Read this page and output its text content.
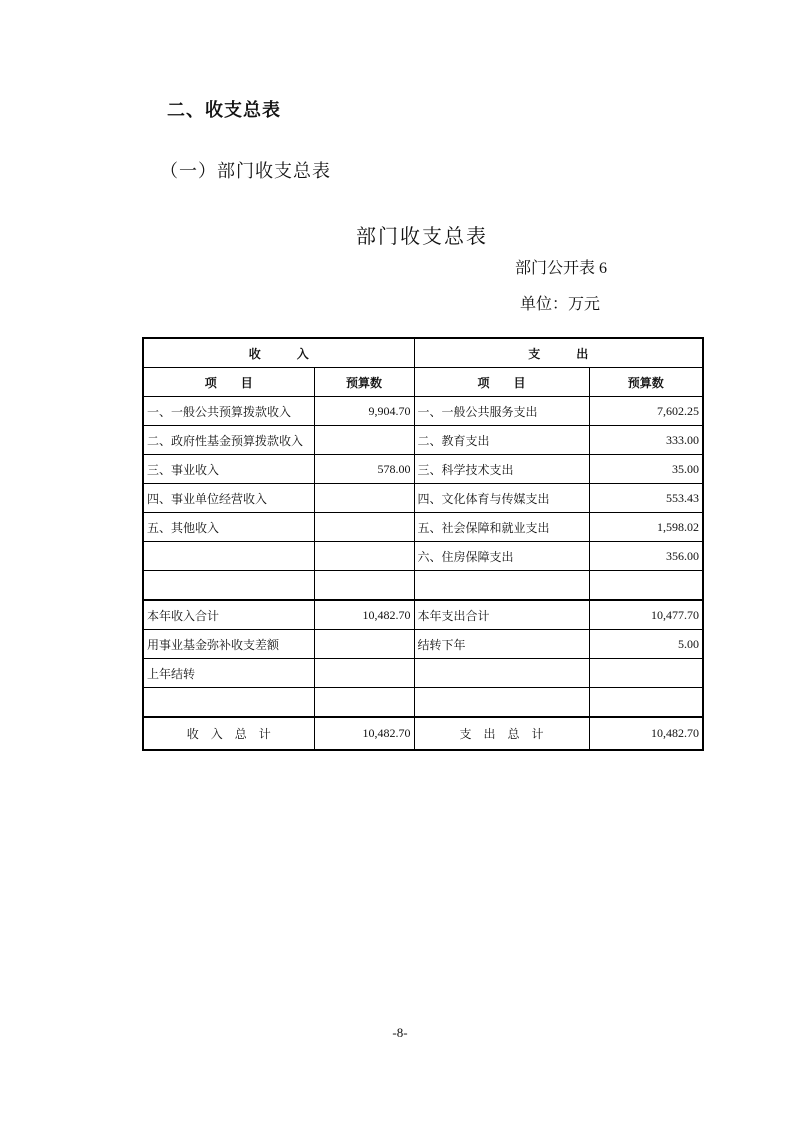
二、收支总表
（一）部门收支总表
部门收支总表
部门公开表 6
单位：万元
收　　　入		支　　　出	
项　　目	预算数	项　　目	预算数
一、一般公共预算拨款收入	9,904.70	一、一般公共服务支出	7,602.25
二、政府性基金预算拨款收入		二、教育支出	333.00
三、事业收入	578.00	三、科学技术支出	35.00
四、事业单位经营收入		四、文化体育与传媒支出	553.43
五、其他收入		五、社会保障和就业支出	1,598.02
		六、住房保障支出	356.00

本年收入合计	10,482.70	本年支出合计	10,477.70
用事业基金弥补收支差额		结转下年	5.00
上年结转			

收　入　总　计	10,482.70	支　出　总　计	10,482.70
-8-
